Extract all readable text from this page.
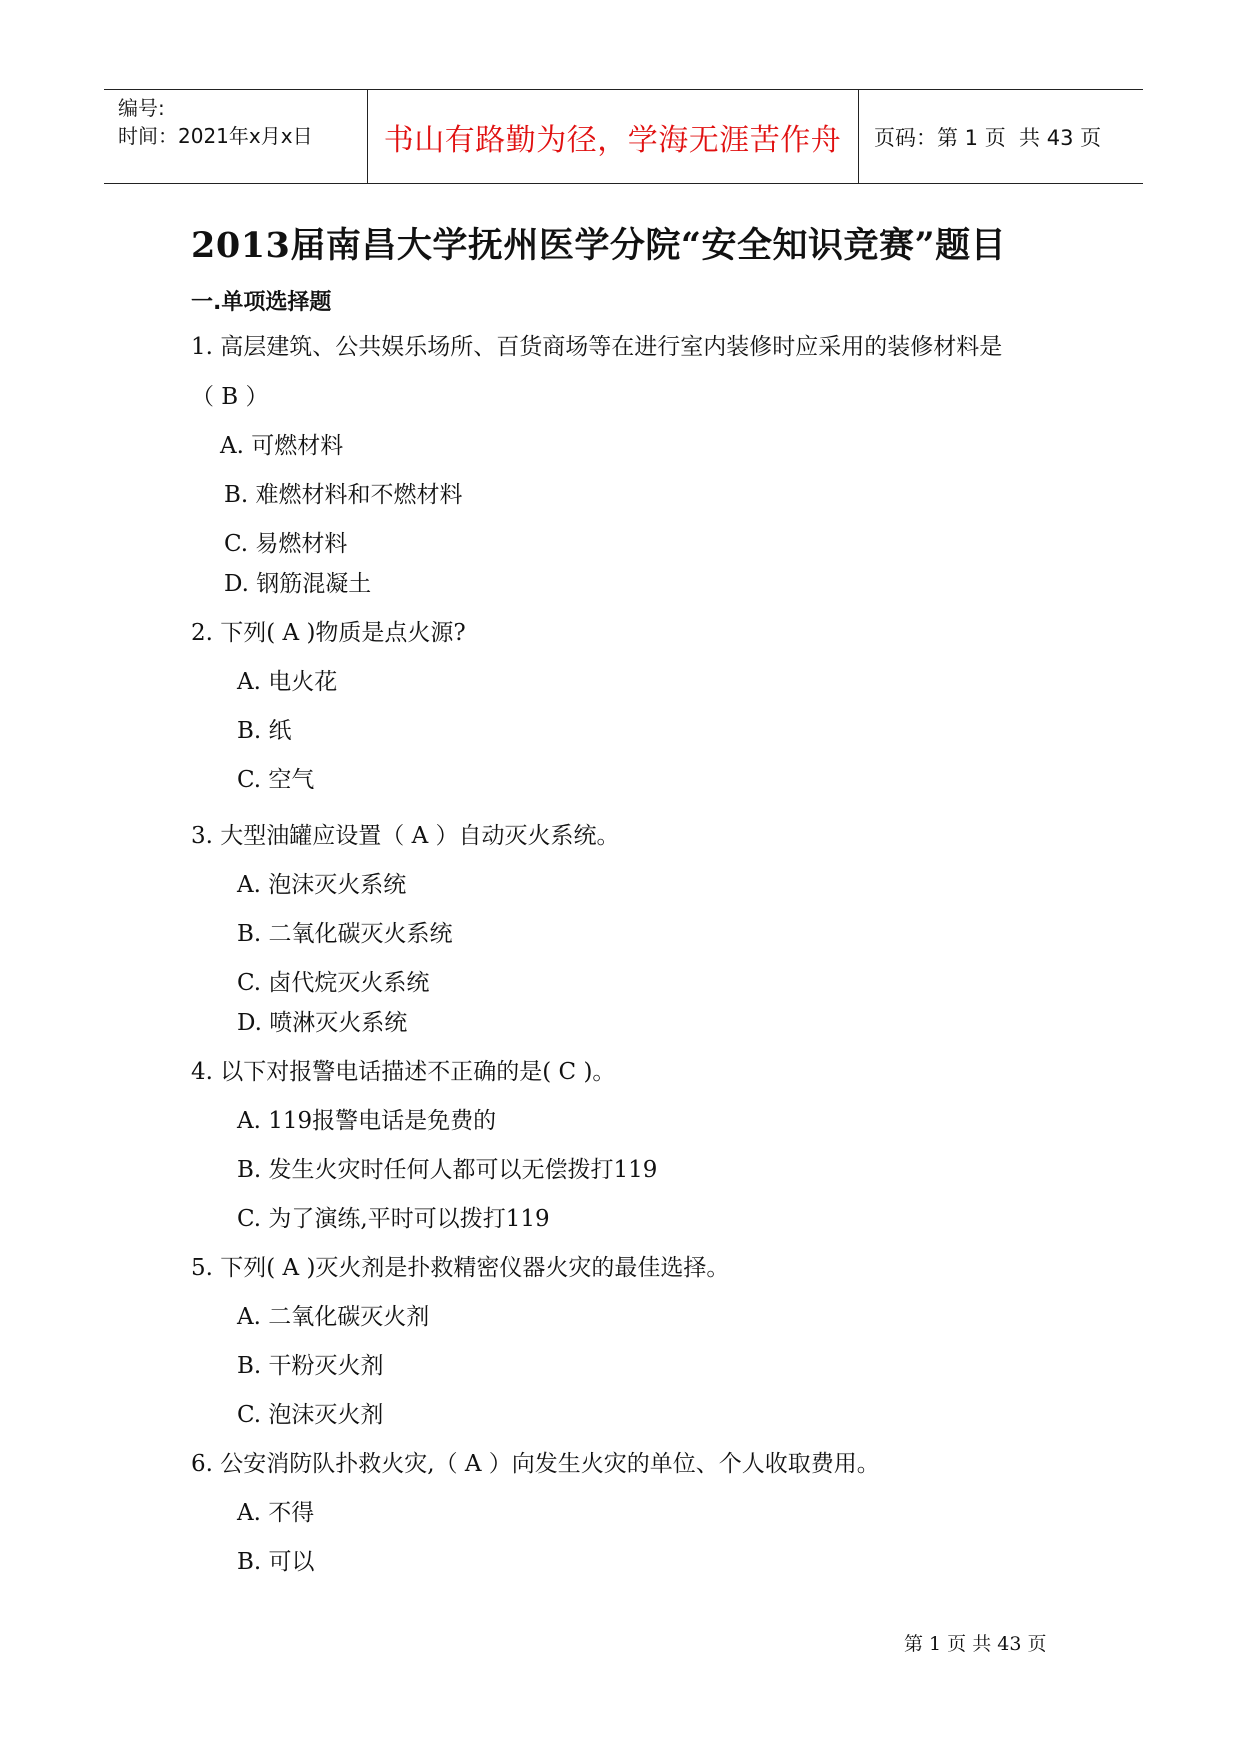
编号:
时间：2021年x月x日	书山有路勤为径，学海无涯苦作舟	页码：第 1 页  共 43 页
2013届南昌大学抚州医学分院“安全知识竞赛”题目
一.单项选择题
1. 高层建筑、公共娱乐场所、百货商场等在进行室内装修时应采用的装修材料是
（ B ）
A. 可燃材料
B. 难燃材料和不燃材料
C. 易燃材料
D. 钢筋混凝土
2. 下列( A )物质是点火源?
A. 电火花
B. 纸
C. 空气
3. 大型油罐应设置（ A ）自动灭火系统。
A. 泡沫灭火系统
B. 二氧化碳灭火系统
C. 卤代烷灭火系统
D. 喷淋灭火系统
4. 以下对报警电话描述不正确的是( C )。
A. 119报警电话是免费的
B. 发生火灾时任何人都可以无偿拨打119
C. 为了演练,平时可以拨打119
5. 下列( A )灭火剂是扑救精密仪器火灾的最佳选择。
A. 二氧化碳灭火剂
B. 干粉灭火剂
C. 泡沫灭火剂
6. 公安消防队扑救火灾,（ A ）向发生火灾的单位、个人收取费用。
A. 不得
B. 可以
第 1 页 共 43 页
